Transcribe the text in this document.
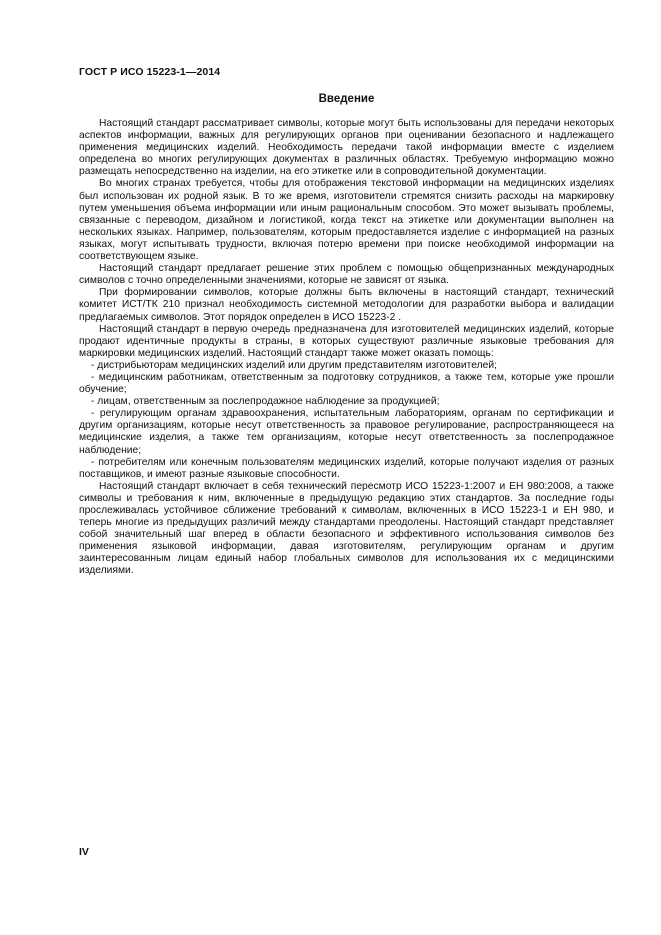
ГОСТ Р ИСО 15223-1—2014
Введение

Настоящий стандарт рассматривает символы, которые могут быть использованы для передачи некоторых аспектов информации, важных для регулирующих органов при оценивании безопасного и надлежащего применения медицинских изделий. Необходимость передачи такой информации вместе с изделием определена во многих регулирующих документах в различных областях. Требуемую информацию можно размещать непосредственно на изделии, на его этикетке или в сопроводительной документации.

Во многих странах требуется, чтобы для отображения текстовой информации на медицинских изделиях был использован их родной язык. В то же время, изготовители стремятся снизить расходы на маркировку путем уменьшения объема информации или иным рациональным способом. Это может вызывать проблемы, связанные с переводом, дизайном и логистикой, когда текст на этикетке или документации выполнен на нескольких языках. Например, пользователям, которым предоставляется изделие с информацией на разных языках, могут испытывать трудности, включая потерю времени при поиске необходимой информации на соответствующем языке.

Настоящий стандарт предлагает решение этих проблем с помощью общепризнанных международных символов с точно определенными значениями, которые не зависят от языка.

При формировании символов, которые должны быть включены в настоящий стандарт, технический комитет ИСТ/ТК 210 признал необходимость системной методологии для разработки выбора и валидации предлагаемых символов. Этот порядок определен в ИСО 15223-2 .

Настоящий стандарт в первую очередь предназначена для изготовителей медицинских изделий, которые продают идентичные продукты в страны, в которых существуют различные языковые требования для маркировки медицинских изделий. Настоящий стандарт также может оказать помощь:

- дистрибьюторам медицинских изделий или другим представителям изготовителей;

- медицинским работникам, ответственным за подготовку сотрудников, а также тем, которые уже прошли обучение;

- лицам, ответственным за послепродажное наблюдение за продукцией;

- регулирующим органам здравоохранения, испытательным лабораториям, органам по сертификации и другим организациям, которые несут ответственность за правовое регулирование, распространяющееся на медицинские изделия, а также тем организациям, которые несут ответственность за послепродажное наблюдение;

- потребителям или конечным пользователям медицинских изделий, которые получают изделия от разных поставщиков, и имеют разные языковые способности.

Настоящий стандарт включает в себя технический пересмотр ИСО 15223-1:2007 и ЕН 980:2008, а также символы и требования к ним, включенные в предыдущую редакцию этих стандартов. За последние годы прослеживалась устойчивое сближение требований к символам, включенных в ИСО 15223-1 и ЕН 980, и теперь многие из предыдущих различий между стандартами преодолены. Настоящий стандарт представляет собой значительный шаг вперед в области безопасного и эффективного использования символов без применения языковой информации, давая изготовителям, регулирующим органам и другим заинтересованным лицам единый набор глобальных символов для использования их с медицинскими изделиями.

IV
